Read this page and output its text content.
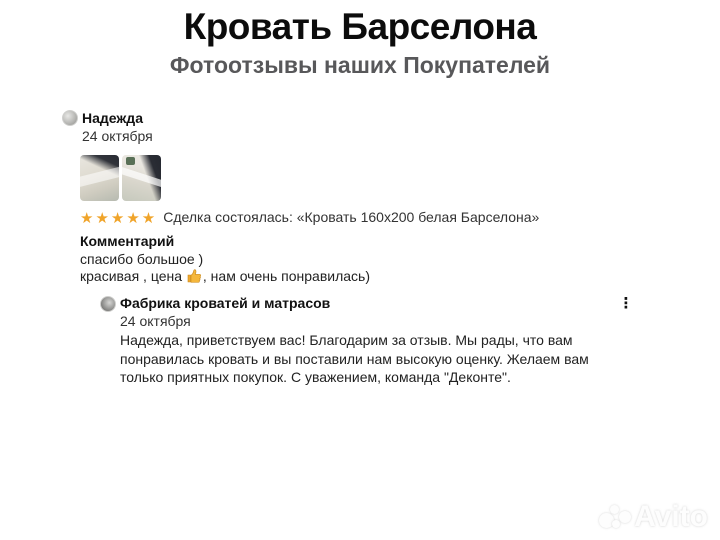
Кровать Барселона
Фотоотзывы наших Покупателей
Надежда
24 октября
★★★★★ Сделка состоялась: «Кровать 160x200 белая Барселона»
Комментарий
спасибо большое )
красивая , цена , нам очень понравилась)
Фабрика кроватей и матрасов
24 октября
Надежда, приветствуем вас! Благодарим за отзыв. Мы рады, что вам понравилась кровать и вы поставили нам высокую оценку. Желаем вам только приятных покупок. С уважением, команда "Деконте".
⋮
Avito
